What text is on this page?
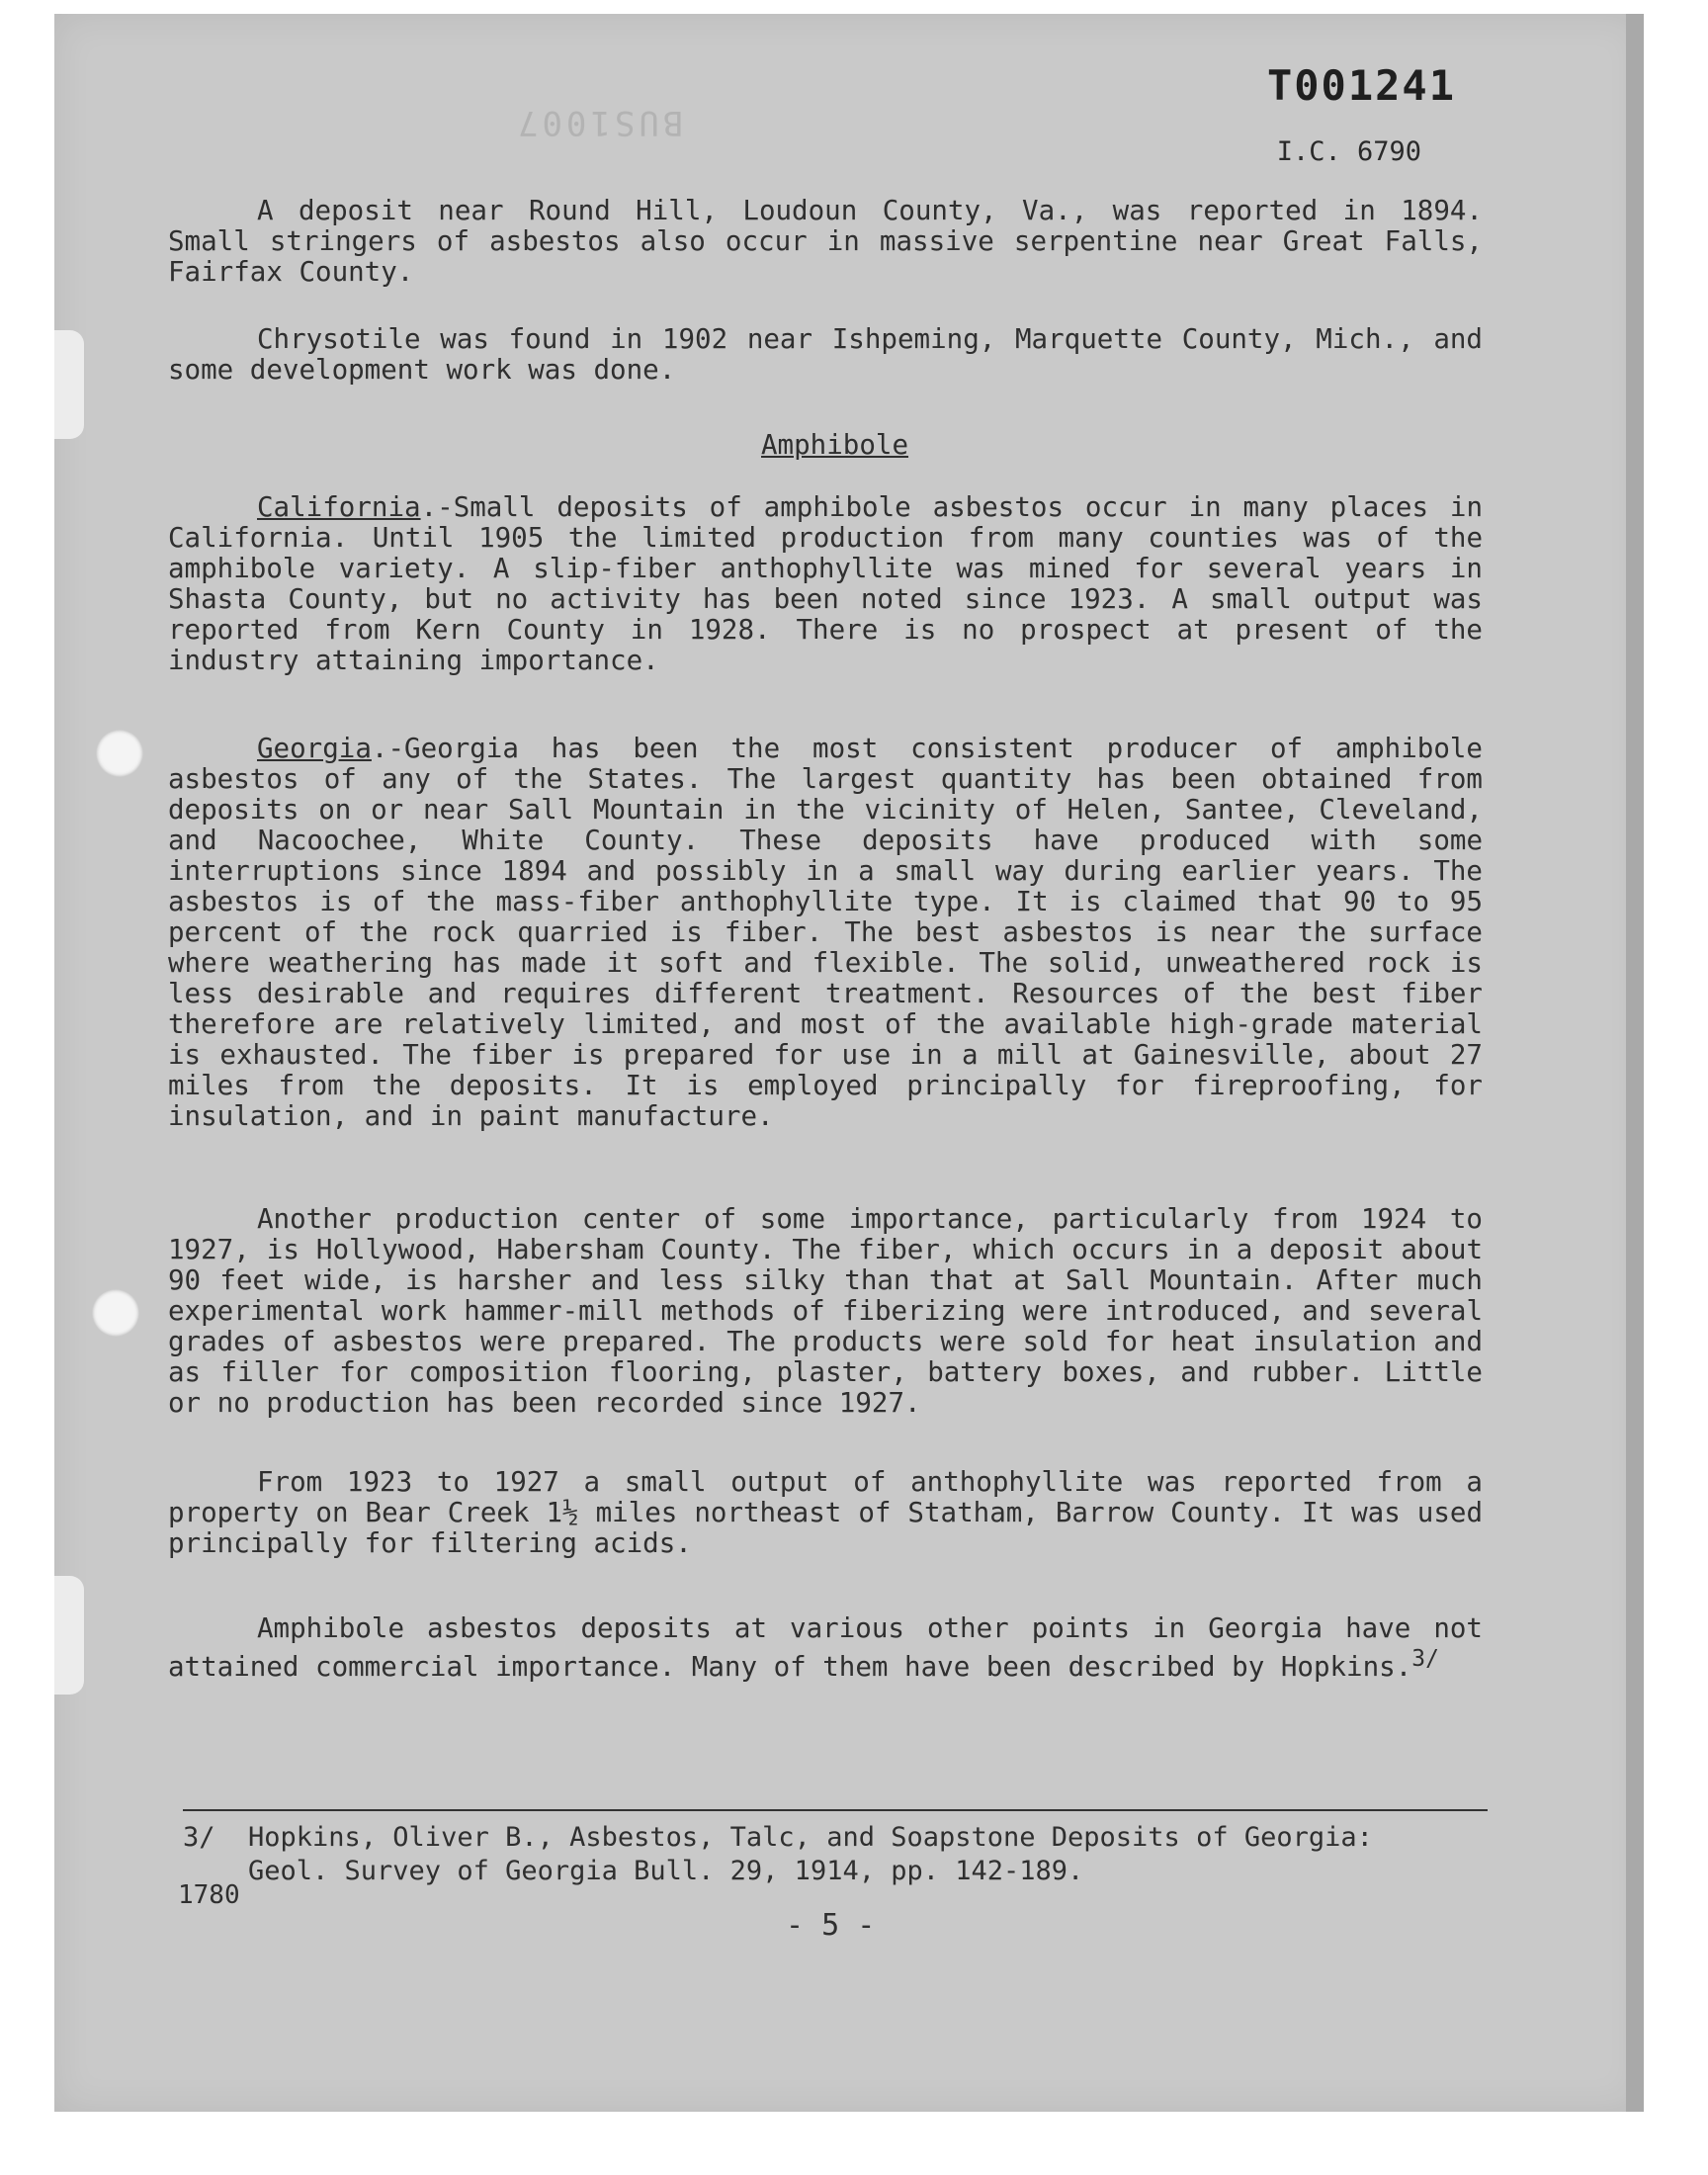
BUS1007
T001241
I.C. 6790

A deposit near Round Hill, Loudoun County, Va., was reported in 1894. Small stringers of asbestos also occur in massive serpentine near Great Falls, Fairfax County.

Chrysotile was found in 1902 near Ishpeming, Marquette County, Mich., and some development work was done.

Amphibole

California.-Small deposits of amphibole asbestos occur in many places in California. Until 1905 the limited production from many counties was of the amphibole variety. A slip-fiber anthophyllite was mined for several years in Shasta County, but no activity has been noted since 1923. A small output was reported from Kern County in 1928. There is no prospect at present of the industry attaining importance.

Georgia.-Georgia has been the most consistent producer of amphibole asbestos of any of the States. The largest quantity has been obtained from deposits on or near Sall Mountain in the vicinity of Helen, Santee, Cleveland, and Nacoochee, White County. These deposits have produced with some interruptions since 1894 and possibly in a small way during earlier years. The asbestos is of the mass-fiber anthophyllite type. It is claimed that 90 to 95 percent of the rock quarried is fiber. The best asbestos is near the surface where weathering has made it soft and flexible. The solid, unweathered rock is less desirable and requires different treatment. Resources of the best fiber therefore are relatively limited, and most of the available high-grade material is exhausted. The fiber is prepared for use in a mill at Gainesville, about 27 miles from the deposits. It is employed principally for fireproofing, for insulation, and in paint manufacture.

Another production center of some importance, particularly from 1924 to 1927, is Hollywood, Habersham County. The fiber, which occurs in a deposit about 90 feet wide, is harsher and less silky than that at Sall Mountain. After much experimental work hammer-mill methods of fiberizing were introduced, and several grades of asbestos were prepared. The products were sold for heat insulation and as filler for composition flooring, plaster, battery boxes, and rubber. Little or no production has been recorded since 1927.

From 1923 to 1927 a small output of anthophyllite was reported from a property on Bear Creek 1½ miles northeast of Statham, Barrow County. It was used principally for filtering acids.

Amphibole asbestos deposits at various other points in Georgia have not attained commercial importance. Many of them have been described by Hopkins.$^{3/}$

3/ Hopkins, Oliver B., Asbestos, Talc, and Soapstone Deposits of Georgia:
Geol. Survey of Georgia Bull. 29, 1914, pp. 142-189.
1780
- 5 -
